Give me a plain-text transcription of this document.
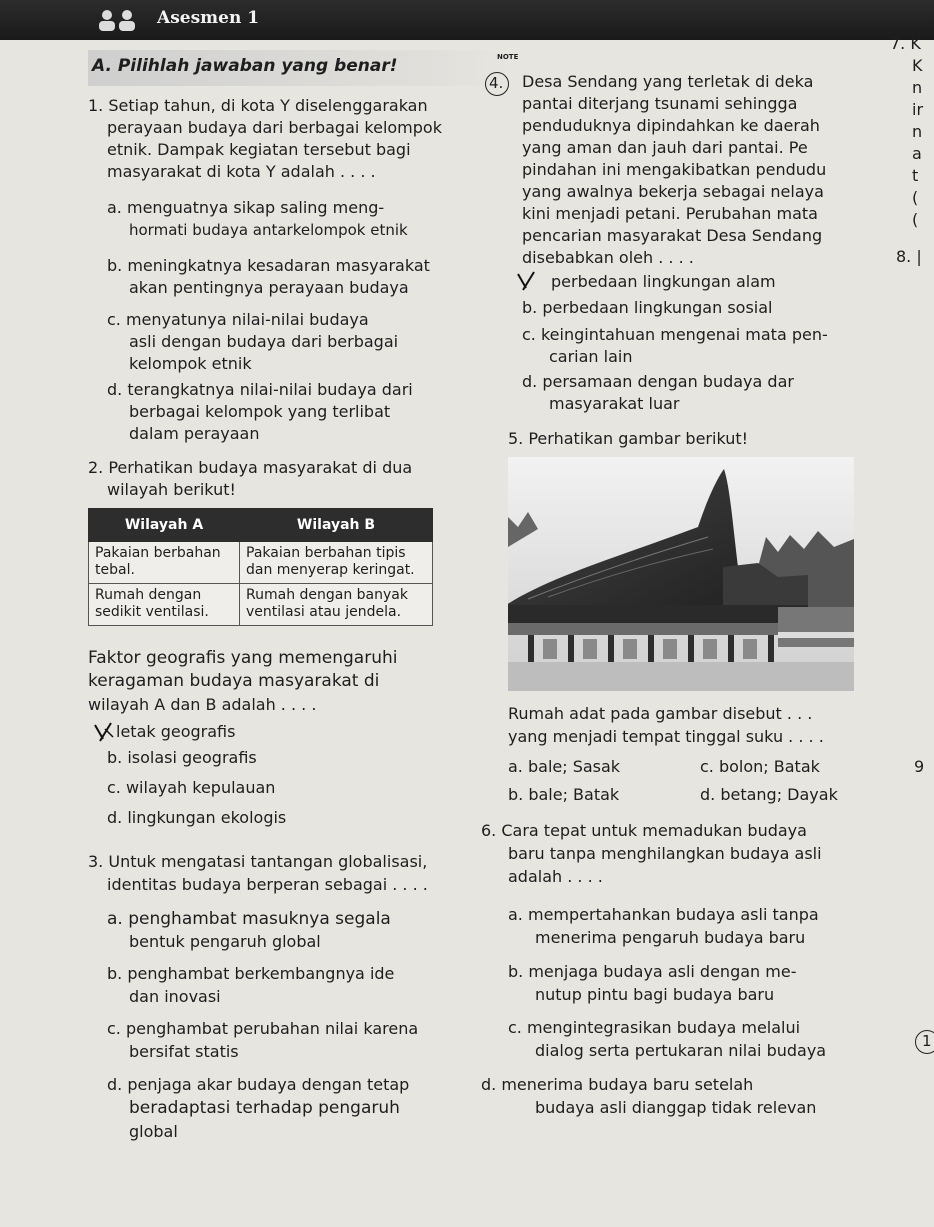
Asesmen 1
A. Pilihlah jawaban yang benar!
1. Setiap tahun, di kota Y diselenggarakan
perayaan budaya dari berbagai kelompok
etnik. Dampak kegiatan tersebut bagi
masyarakat di kota Y adalah . . . .
a. menguatnya sikap saling meng-
hormati budaya antarkelompok etnik
b. meningkatnya kesadaran masyarakat
akan pentingnya perayaan budaya
c. menyatunya nilai-nilai budaya
asli dengan budaya dari berbagai
kelompok etnik
d. terangkatnya nilai-nilai budaya dari
berbagai kelompok yang terlibat
dalam perayaan
2. Perhatikan budaya masyarakat di dua
wilayah berikut!
Wilayah A	Wilayah B
Pakaian berbahan tebal.	Pakaian berbahan tipis dan menyerap keringat.
Rumah dengan sedikit ventilasi.	Rumah dengan banyak ventilasi atau jendela.
Faktor geografis yang memengaruhi
keragaman budaya masyarakat di
wilayah A dan B adalah . . . .
letak geografis
b. isolasi geografis
c. wilayah kepulauan
d. lingkungan ekologis
3. Untuk mengatasi tantangan globalisasi,
identitas budaya berperan sebagai . . . .
a. penghambat masuknya segala
bentuk pengaruh global
b. penghambat berkembangnya ide
dan inovasi
c. penghambat perubahan nilai karena
bersifat statis
d. penjaga akar budaya dengan tetap
beradaptasi terhadap pengaruh
global
NOTE
4. Desa Sendang yang terletak di deka
pantai diterjang tsunami sehingga
penduduknya dipindahkan ke daerah
yang aman dan jauh dari pantai. Pe
pindahan ini mengakibatkan pendudu
yang awalnya bekerja sebagai nelaya
kini menjadi petani. Perubahan mata
pencarian masyarakat Desa Sendang
disebabkan oleh . . . .
perbedaan lingkungan alam
b. perbedaan lingkungan sosial
c. keingintahuan mengenai mata pen-
carian lain
d. persamaan dengan budaya dar
masyarakat luar
5. Perhatikan gambar berikut!
Rumah adat pada gambar disebut . . .
yang menjadi tempat tinggal suku . . . .
a. bale; Sasak
b. bale; Batak
c. bolon; Batak
d. betang; Dayak
6. Cara tepat untuk memadukan budaya
baru tanpa menghilangkan budaya asli
adalah . . . .
a. mempertahankan budaya asli tanpa
menerima pengaruh budaya baru
b. menjaga budaya asli dengan me-
nutup pintu bagi budaya baru
c. mengintegrasikan budaya melalui
dialog serta pertukaran nilai budaya
d. menerima budaya baru setelah
budaya asli dianggap tidak relevan
7. K
K
n
ir
n
a
t
(
(
8. |
9
1
